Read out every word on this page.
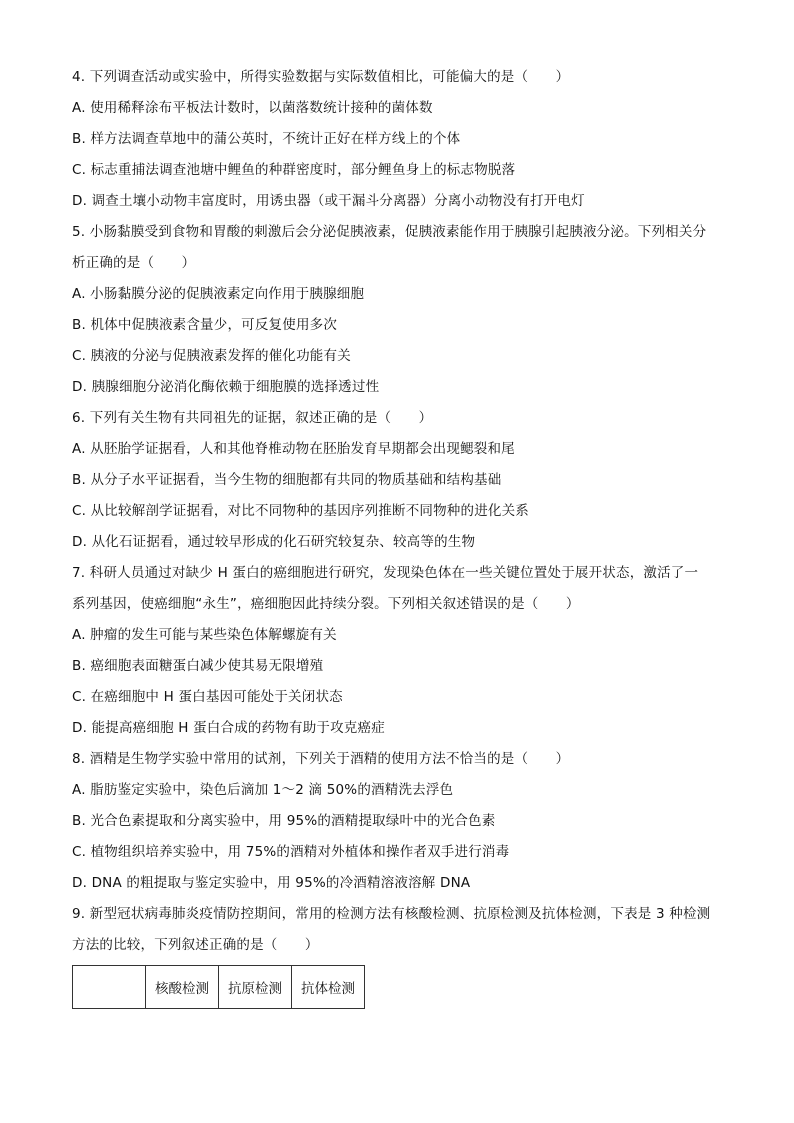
4. 下列调查活动或实验中，所得实验数据与实际数值相比，可能偏大的是（　　）
A. 使用稀释涂布平板法计数时，以菌落数统计接种的菌体数
B. 样方法调查草地中的蒲公英时，不统计正好在样方线上的个体
C. 标志重捕法调查池塘中鲤鱼的种群密度时，部分鲤鱼身上的标志物脱落
D. 调查土壤小动物丰富度时，用诱虫器（或干漏斗分离器）分离小动物没有打开电灯
5. 小肠黏膜受到食物和胃酸的刺激后会分泌促胰液素，促胰液素能作用于胰腺引起胰液分泌。下列相关分
析正确的是（　　）
A. 小肠黏膜分泌的促胰液素定向作用于胰腺细胞
B. 机体中促胰液素含量少，可反复使用多次
C. 胰液的分泌与促胰液素发挥的催化功能有关
D. 胰腺细胞分泌消化酶依赖于细胞膜的选择透过性
6. 下列有关生物有共同祖先的证据，叙述正确的是（　　）
A. 从胚胎学证据看，人和其他脊椎动物在胚胎发育早期都会出现鳃裂和尾
B. 从分子水平证据看，当今生物的细胞都有共同的物质基础和结构基础
C. 从比较解剖学证据看，对比不同物种的基因序列推断不同物种的进化关系
D. 从化石证据看，通过较早形成的化石研究较复杂、较高等的生物
7. 科研人员通过对缺少 H 蛋白的癌细胞进行研究，发现染色体在一些关键位置处于展开状态，激活了一
系列基因，使癌细胞“永生”，癌细胞因此持续分裂。下列相关叙述错误的是（　　）
A. 肿瘤的发生可能与某些染色体解螺旋有关
B. 癌细胞表面糖蛋白减少使其易无限增殖
C. 在癌细胞中 H 蛋白基因可能处于关闭状态
D. 能提高癌细胞 H 蛋白合成的药物有助于攻克癌症
8. 酒精是生物学实验中常用的试剂，下列关于酒精的使用方法不恰当的是（　　）
A. 脂肪鉴定实验中，染色后滴加 1～2 滴 50%的酒精洗去浮色
B. 光合色素提取和分离实验中，用 95%的酒精提取绿叶中的光合色素
C. 植物组织培养实验中，用 75%的酒精对外植体和操作者双手进行消毒
D. DNA 的粗提取与鉴定实验中，用 95%的冷酒精溶液溶解 DNA
9. 新型冠状病毒肺炎疫情防控期间，常用的检测方法有核酸检测、抗原检测及抗体检测，下表是 3 种检测
方法的比较，下列叙述正确的是（　　）
	核酸检测	抗原检测	抗体检测
